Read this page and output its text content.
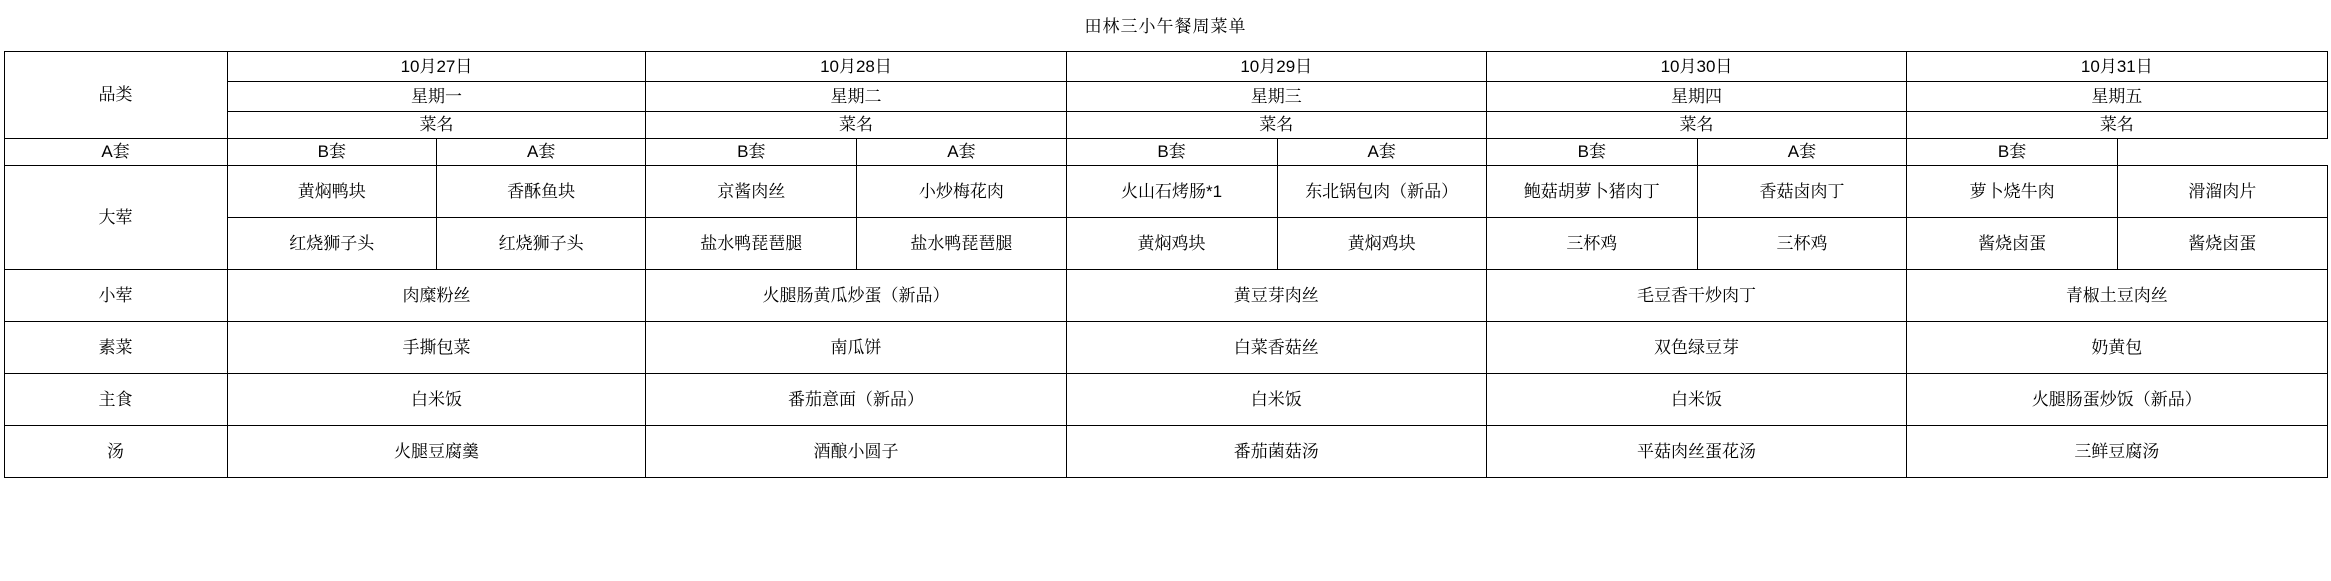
田林三小午餐周菜单
品类	10月27日		10月28日		10月29日		10月30日		10月31日	
	星期一		星期二		星期三		星期四		星期五	
	菜名		菜名		菜名		菜名		菜名	
A套	B套	A套	B套	A套	B套	A套	B套	A套	B套	
大荤	黄焖鸭块	香酥鱼块	京酱肉丝	小炒梅花肉	火山石烤肠*1	东北锅包肉（新品）	鲍菇胡萝卜猪肉丁	香菇卤肉丁	萝卜烧牛肉	滑溜肉片
	红烧狮子头	红烧狮子头	盐水鸭琵琶腿	盐水鸭琵琶腿	黄焖鸡块	黄焖鸡块	三杯鸡	三杯鸡	酱烧卤蛋	酱烧卤蛋
小荤	肉糜粉丝		火腿肠黄瓜炒蛋（新品）		黄豆芽肉丝		毛豆香干炒肉丁		青椒土豆肉丝	
素菜	手撕包菜		南瓜饼		白菜香菇丝		双色绿豆芽		奶黄包	
主食	白米饭		番茄意面（新品）		白米饭		白米饭		火腿肠蛋炒饭（新品）	
汤	火腿豆腐羹		酒酿小圆子		番茄菌菇汤		平菇肉丝蛋花汤		三鲜豆腐汤	
